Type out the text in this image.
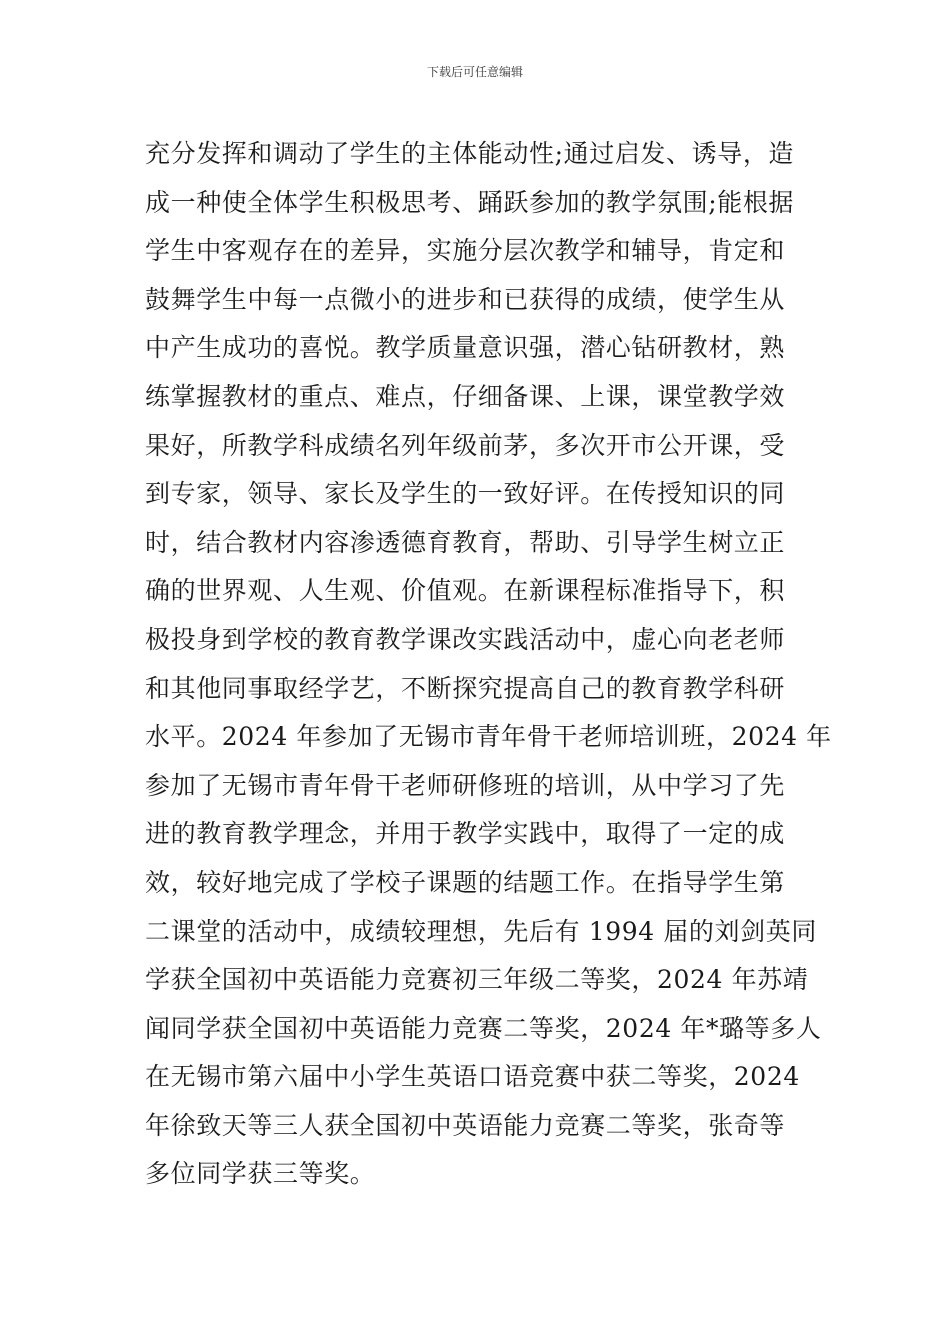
下载后可任意编辑
充分发挥和调动了学生的主体能动性;通过启发、诱导，造
成一种使全体学生积极思考、踊跃参加的教学氛围;能根据
学生中客观存在的差异，实施分层次教学和辅导，肯定和
鼓舞学生中每一点微小的进步和已获得的成绩，使学生从
中产生成功的喜悦。教学质量意识强，潜心钻研教材，熟
练掌握教材的重点、难点，仔细备课、上课，课堂教学效
果好，所教学科成绩名列年级前茅，多次开市公开课，受
到专家，领导、家长及学生的一致好评。在传授知识的同
时，结合教材内容渗透德育教育，帮助、引导学生树立正
确的世界观、人生观、价值观。在新课程标准指导下，积
极投身到学校的教育教学课改实践活动中，虚心向老老师
和其他同事取经学艺，不断探究提高自己的教育教学科研
水平。2024 年参加了无锡市青年骨干老师培训班，2024 年
参加了无锡市青年骨干老师研修班的培训，从中学习了先
进的教育教学理念，并用于教学实践中，取得了一定的成
效，较好地完成了学校子课题的结题工作。在指导学生第
二课堂的活动中，成绩较理想，先后有 1994 届的刘剑英同
学获全国初中英语能力竞赛初三年级二等奖，2024 年苏靖
闻同学获全国初中英语能力竞赛二等奖，2024 年*璐等多人
在无锡市第六届中小学生英语口语竞赛中获二等奖，2024
年徐致天等三人获全国初中英语能力竞赛二等奖，张奇等
多位同学获三等奖。
